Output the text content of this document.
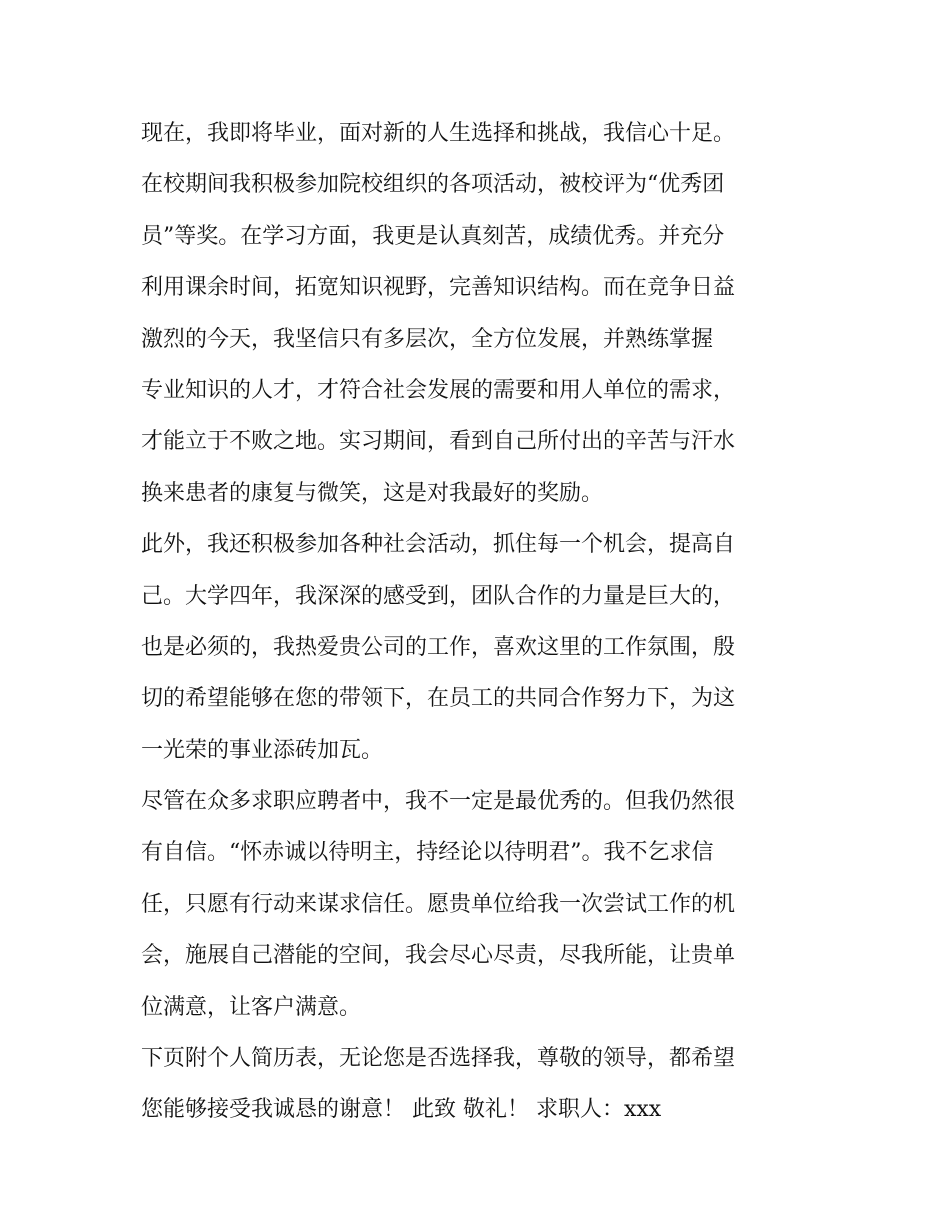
现在，我即将毕业，面对新的人生选择和挑战，我信心十足。
在校期间我积极参加院校组织的各项活动，被校评为“优秀团
员”等奖。在学习方面，我更是认真刻苦，成绩优秀。并充分
利用课余时间，拓宽知识视野，完善知识结构。而在竞争日益
激烈的今天，我坚信只有多层次，全方位发展，并熟练掌握
专业知识的人才，才符合社会发展的需要和用人单位的需求，
才能立于不败之地。实习期间，看到自己所付出的辛苦与汗水
换来患者的康复与微笑，这是对我最好的奖励。
此外，我还积极参加各种社会活动，抓住每一个机会，提高自
己。大学四年，我深深的感受到，团队合作的力量是巨大的，
也是必须的，我热爱贵公司的工作，喜欢这里的工作氛围，殷
切的希望能够在您的带领下，在员工的共同合作努力下，为这
一光荣的事业添砖加瓦。
尽管在众多求职应聘者中，我不一定是最优秀的。但我仍然很
有自信。“怀赤诚以待明主，持经论以待明君”。我不乞求信
任，只愿有行动来谋求信任。愿贵单位给我一次尝试工作的机
会，施展自己潜能的空间，我会尽心尽责，尽我所能，让贵单
位满意，让客户满意。
下页附个人简历表，无论您是否选择我，尊敬的领导，都希望
您能够接受我诚恳的谢意！ 此致 敬礼！ 求职人：xxx
